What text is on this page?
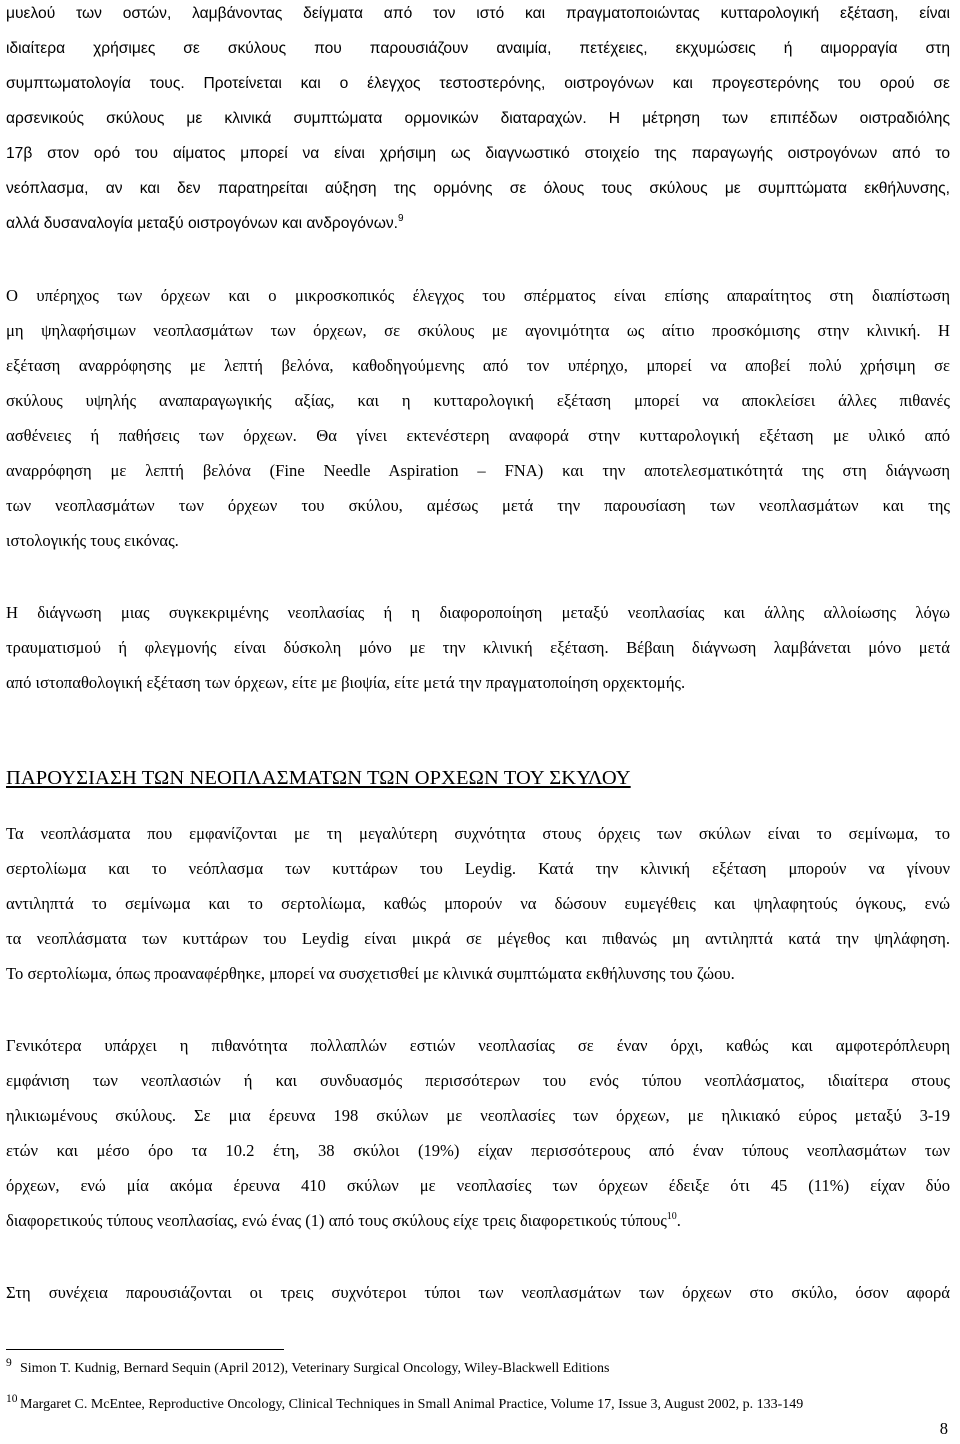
μυελού των οστών, λαμβάνοντας δείγματα από τον ιστό και πραγματοποιώντας κυτταρολογική εξέταση, είναι
ιδιαίτερα χρήσιμες σε σκύλους που παρουσιάζουν αναιμία, πετέχειες, εκχυμώσεις ή αιμορραγία στη
συμπτωματολογία τους. Προτείνεται και ο έλεγχος τεστοστερόνης, οιστρογόνων και προγεστερόνης του ορού σε
αρσενικούς σκύλους με κλινικά συμπτώματα ορμονικών διαταραχών. Η μέτρηση των επιπέδων οιστραδιόλης
17β στον ορό του αίματος μπορεί να είναι χρήσιμη ως διαγνωστικό στοιχείο της παραγωγής οιστρογόνων από το
νεόπλασμα, αν και δεν παρατηρείται αύξηση της ορμόνης σε όλους τους σκύλους με συμπτώματα εκθήλυνσης,
αλλά δυσαναλογία μεταξύ οιστρογόνων και ανδρογόνων.$^9$
Ο υπέρηχος των όρχεων και ο μικροσκοπικός έλεγχος του σπέρματος είναι επίσης απαραίτητος στη διαπίστωση
μη ψηλαφήσιμων νεοπλασμάτων των όρχεων, σε σκύλους με αγονιμότητα ως αίτιο προσκόμισης στην κλινική. Η
εξέταση αναρρόφησης με λεπτή βελόνα, καθοδηγούμενης από τον υπέρηχο, μπορεί να αποβεί πολύ χρήσιμη σε
σκύλους υψηλής αναπαραγωγικής αξίας, και η κυτταρολογική εξέταση μπορεί να αποκλείσει άλλες πιθανές
ασθένειες ή παθήσεις των όρχεων. Θα γίνει εκτενέστερη αναφορά στην κυτταρολογική εξέταση με υλικό από
αναρρόφηση με λεπτή βελόνα (Fine Needle Aspiration – FNA) και την αποτελεσματικότητά της στη διάγνωση
των νεοπλασμάτων των όρχεων του σκύλου, αμέσως μετά την παρουσίαση των νεοπλασμάτων και της
ιστολογικής τους εικόνας.
Η διάγνωση μιας συγκεκριμένης νεοπλασίας ή η διαφοροποίηση μεταξύ νεοπλασίας και άλλης αλλοίωσης λόγω
τραυματισμού ή φλεγμονής είναι δύσκολη μόνο με την κλινική εξέταση. Βέβαιη διάγνωση λαμβάνεται μόνο μετά
από ιστοπαθολογική εξέταση των όρχεων, είτε με βιοψία, είτε μετά την πραγματοποίηση ορχεκτομής.
ΠΑΡΟΥΣΙΑΣΗ ΤΩΝ ΝΕΟΠΛΑΣΜΑΤΩΝ ΤΩΝ ΟΡΧΕΩΝ ΤΟΥ ΣΚΥΛΟΥ
Τα νεοπλάσματα που εμφανίζονται με τη μεγαλύτερη συχνότητα στους όρχεις των σκύλων είναι το σεμίνωμα, το
σερτολίωμα και το νεόπλασμα των κυττάρων του Leydig. Κατά την κλινική εξέταση μπορούν να γίνουν
αντιληπτά το σεμίνωμα και το σερτολίωμα, καθώς μπορούν να δώσουν ευμεγέθεις και ψηλαφητούς όγκους, ενώ
τα νεοπλάσματα των κυττάρων του Leydig είναι μικρά σε μέγεθος και πιθανώς μη αντιληπτά κατά την ψηλάφηση.
Το σερτολίωμα, όπως προαναφέρθηκε, μπορεί να συσχετισθεί με κλινικά συμπτώματα εκθήλυνσης του ζώου.
Γενικότερα υπάρχει η πιθανότητα πολλαπλών εστιών νεοπλασίας σε έναν όρχι, καθώς και αμφοτερόπλευρη
εμφάνιση των νεοπλασιών ή και συνδυασμός περισσότερων του ενός τύπου νεοπλάσματος, ιδιαίτερα στους
ηλικιωμένους σκύλους. Σε μια έρευνα 198 σκύλων με νεοπλασίες των όρχεων, με ηλικιακό εύρος μεταξύ 3-19
ετών και μέσο όρο τα 10.2 έτη, 38 σκύλοι (19%) είχαν περισσότερους από έναν τύπους νεοπλασμάτων των
όρχεων, ενώ μία ακόμα έρευνα 410 σκύλων με νεοπλασίες των όρχεων έδειξε ότι 45 (11%) είχαν δύο
διαφορετικούς τύπους νεοπλασίας, ενώ ένας (1) από τους σκύλους είχε τρεις διαφορετικούς τύπους$^{10}$.
Στη συνέχεια παρουσιάζονται οι τρεις συχνότεροι τύποι των νεοπλασμάτων των όρχεων στο σκύλο, όσον αφορά
9 Simon T. Kudnig, Bernard Sequin (April 2012), Veterinary Surgical Oncology, Wiley-Blackwell Editions
10 Margaret C. McEntee, Reproductive Oncology, Clinical Techniques in Small Animal Practice, Volume 17, Issue 3, August 2002, p. 133-149
8
